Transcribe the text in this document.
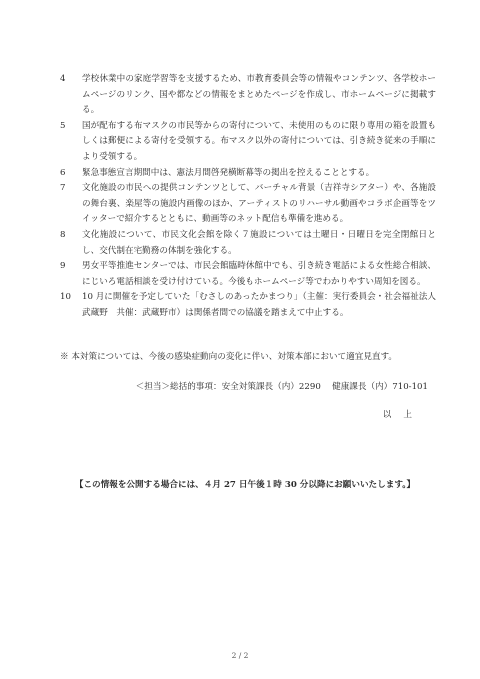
4	学校休業中の家庭学習等を支援するため、市教育委員会等の情報やコンテンツ、各学校ホームページのリンク、国や都などの情報をまとめたページを作成し、市ホームページに掲載する。
5	国が配布する布マスクの市民等からの寄付について、未使用のものに限り専用の箱を設置もしくは郵便による寄付を受領する。布マスク以外の寄付については、引き続き従来の手順により受領する。
6	緊急事態宣言期間中は、憲法月間啓発横断幕等の掲出を控えることとする。
7	文化施設の市民への提供コンテンツとして、バーチャル背景（吉祥寺シアター）や、各施設の舞台裏、楽屋等の施設内画像のほか、アーティストのリハーサル動画やコラボ企画等をツイッターで紹介するとともに、動画等のネット配信も準備を進める。
8	文化施設について、市民文化会館を除く７施設については土曜日・日曜日を完全閉館日とし、交代制在宅勤務の体制を強化する。
9	男女平等推進センターでは、市民会館臨時休館中でも、引き続き電話による女性総合相談、にじいろ電話相談を受け付けている。今後もホームページ等でわかりやすい周知を図る。
10	10 月に開催を予定していた「むさしのあったかまつり」（主催：実行委員会・社会福祉法人武蔵野　共催：武蔵野市）は関係者間での協議を踏まえて中止する。
※ 本対策については、今後の感染症動向の変化に伴い、対策本部において適宜見直す。
＜担当＞総括的事項：安全対策課長（内）2290　 健康課長（内）710-101
以上
【この情報を公開する場合には、４月 27 日午後１時 30 分以降にお願いいたします。】
2 / 2
